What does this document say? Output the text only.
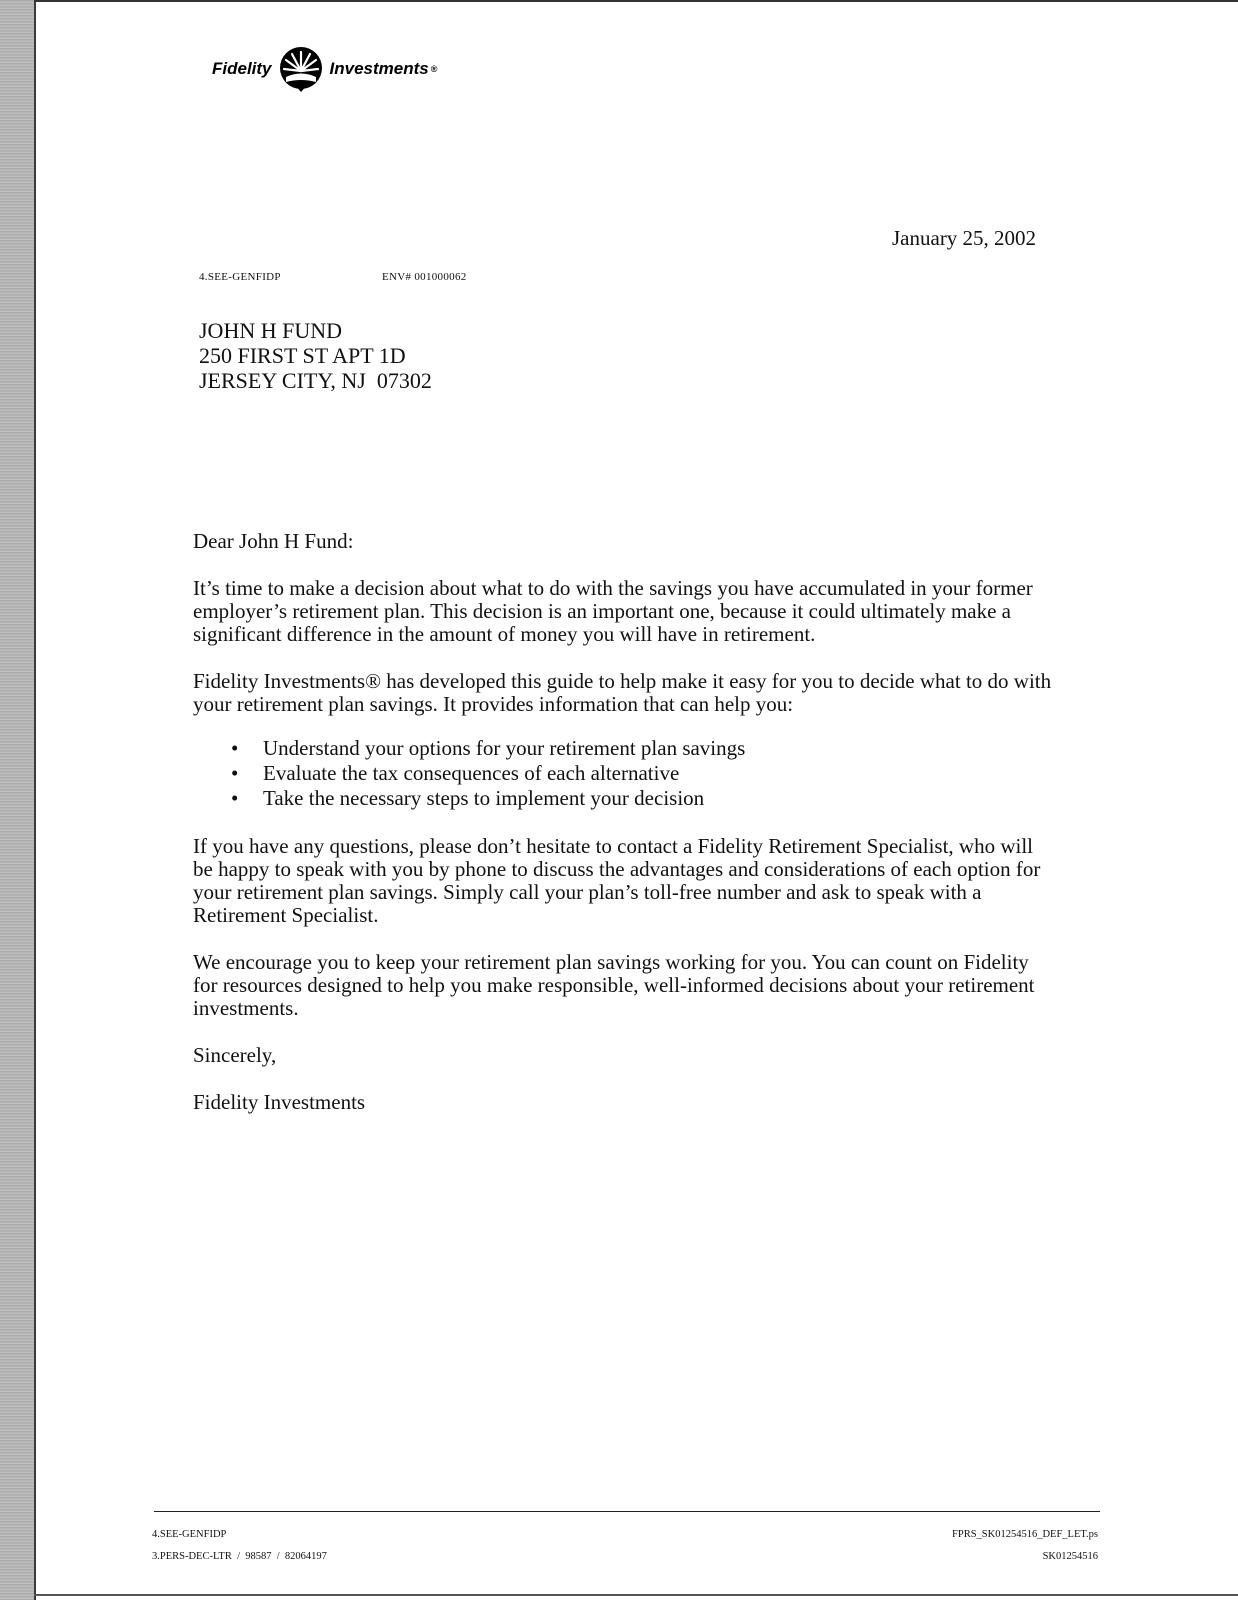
Fidelity	Investments ®
January 25, 2002
4.SEE-GENFIDP	ENV# 001000062
JOHN H FUND
250 FIRST ST APT 1D
JERSEY CITY, NJ  07302

Dear John H Fund:

It’s time to make a decision about what to do with the savings you have accumulated in your former employer’s retirement plan. This decision is an important one, because it could ultimately make a significant difference in the amount of money you will have in retirement.

Fidelity Investments® has developed this guide to help make it easy for you to decide what to do with your retirement plan savings. It provides information that can help you:

• Understand your options for your retirement plan savings
• Evaluate the tax consequences of each alternative
• Take the necessary steps to implement your decision

If you have any questions, please don’t hesitate to contact a Fidelity Retirement Specialist, who will be happy to speak with you by phone to discuss the advantages and considerations of each option for your retirement plan savings. Simply call your plan’s toll-free number and ask to speak with a Retirement Specialist.

We encourage you to keep your retirement plan savings working for you. You can count on Fidelity for resources designed to help you make responsible, well-informed decisions about your retirement investments.

Sincerely,

Fidelity Investments

4.SEE-GENFIDP
3.PERS-DEC-LTR  /  98587  /  82064197
FPRS_SK01254516_DEF_LET.ps
SK01254516
